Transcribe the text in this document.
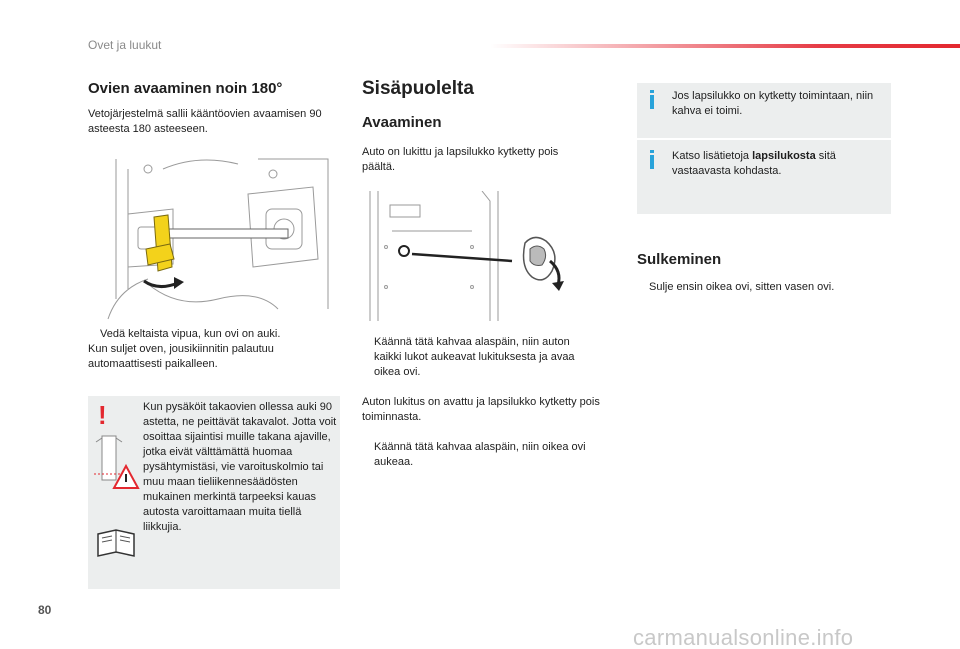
Ovet ja luukut
Ovien avaaminen noin 180°

Vetojärjestelmä sallii kääntöovien avaamisen 90 asteesta 180 asteeseen.

Vedä keltaista vipua, kun ovi on auki.

Kun suljet oven, jousikiinnitin palautuu automaattisesti paikalleen.

!	Kun pysäköit takaovien ollessa auki 90 astetta, ne peittävät takavalot. Jotta voit osoittaa sijaintisi muille takana ajaville, jotka eivät välttämättä huomaa pysähtymistäsi, vie varoituskolmio tai muu maan tieliikennesäädösten mukainen merkintä tarpeeksi kauas autosta varoittamaan muita tiellä liikkujia.

Sisäpuolelta
Avaaminen

Auto on lukittu ja lapsilukko kytketty pois päältä.

Käännä tätä kahvaa alaspäin, niin auton kaikki lukot aukeavat lukituksesta ja avaa oikea ovi.

Auton lukitus on avattu ja lapsilukko kytketty pois toiminnasta.

Käännä tätä kahvaa alaspäin, niin oikea ovi aukeaa.

Jos lapsilukko on kytketty toimintaan, niin kahva ei toimi.

Katso lisätietoja lapsilukosta sitä vastaavasta kohdasta.

Sulkeminen
Sulje ensin oikea ovi, sitten vasen ovi.
80
carmanualsonline.info
